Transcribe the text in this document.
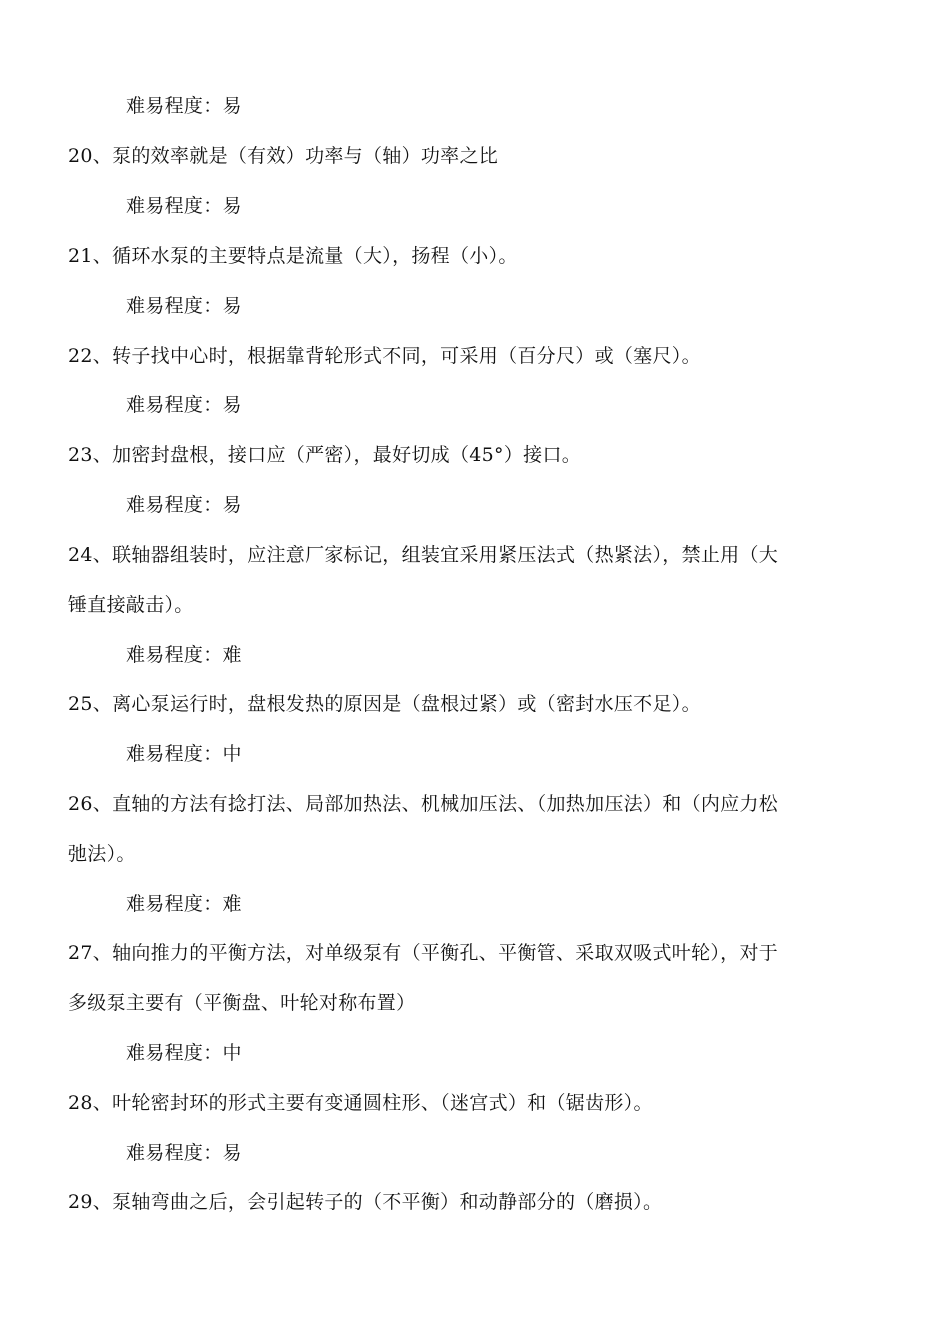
难易程度：易
20、泵的效率就是（有效）功率与（轴）功率之比
难易程度：易
21、循环水泵的主要特点是流量（大），扬程（小）。
难易程度：易
22、转子找中心时，根据靠背轮形式不同，可采用（百分尺）或（塞尺）。
难易程度：易
23、加密封盘根，接口应（严密），最好切成（45°）接口。
难易程度：易
24、联轴器组装时，应注意厂家标记，组装宜采用紧压法式（热紧法），禁止用（大
锤直接敲击）。
难易程度：难
25、离心泵运行时，盘根发热的原因是（盘根过紧）或（密封水压不足）。
难易程度：中
26、直轴的方法有捻打法、局部加热法、机械加压法、（加热加压法）和（内应力松
弛法）。
难易程度：难
27、轴向推力的平衡方法，对单级泵有（平衡孔、平衡管、采取双吸式叶轮），对于
多级泵主要有（平衡盘、叶轮对称布置）
难易程度：中
28、叶轮密封环的形式主要有变通圆柱形、（迷宫式）和（锯齿形）。
难易程度：易
29、泵轴弯曲之后，会引起转子的（不平衡）和动静部分的（磨损）。
